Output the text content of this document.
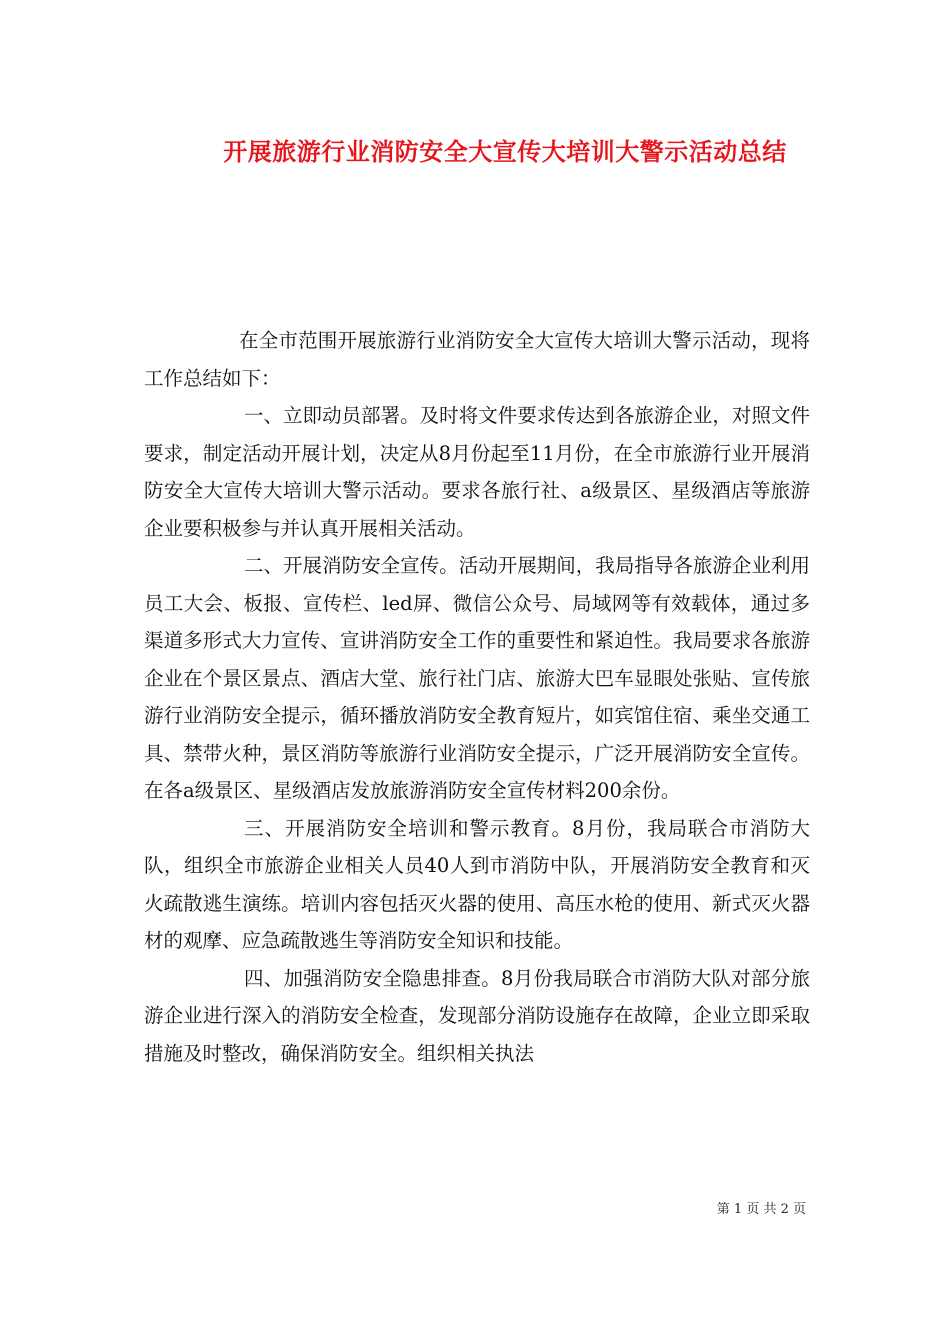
开展旅游行业消防安全大宣传大培训大警示活动总结

在全市范围开展旅游行业消防安全大宣传大培训大警示活动，现将工作总结如下：

一、立即动员部署。及时将文件要求传达到各旅游企业，对照文件要求，制定活动开展计划，决定从8月份起至11月份，在全市旅游行业开展消防安全大宣传大培训大警示活动。要求各旅行社、a级景区、星级酒店等旅游企业要积极参与并认真开展相关活动。

二、开展消防安全宣传。活动开展期间，我局指导各旅游企业利用员工大会、板报、宣传栏、led屏、微信公众号、局域网等有效载体，通过多渠道多形式大力宣传、宣讲消防安全工作的重要性和紧迫性。我局要求各旅游企业在个景区景点、酒店大堂、旅行社门店、旅游大巴车显眼处张贴、宣传旅游行业消防安全提示，循环播放消防安全教育短片，如宾馆住宿、乘坐交通工具、禁带火种，景区消防等旅游行业消防安全提示，广泛开展消防安全宣传。在各a级景区、星级酒店发放旅游消防安全宣传材料200余份。

三、开展消防安全培训和警示教育。8月份，我局联合市消防大队，组织全市旅游企业相关人员40人到市消防中队，开展消防安全教育和灭火疏散逃生演练。培训内容包括灭火器的使用、高压水枪的使用、新式灭火器材的观摩、应急疏散逃生等消防安全知识和技能。

四、加强消防安全隐患排查。8月份我局联合市消防大队对部分旅游企业进行深入的消防安全检查，发现部分消防设施存在故障，企业立即采取措施及时整改，确保消防安全。组织相关执法

第 1 页 共 2 页
